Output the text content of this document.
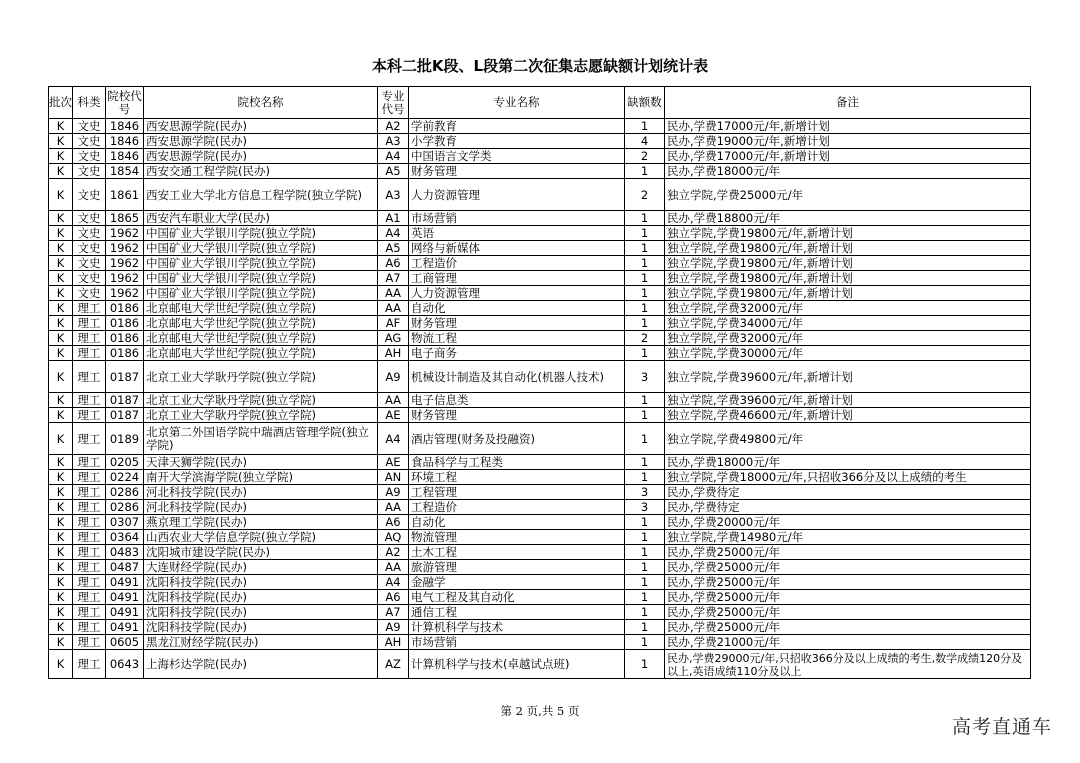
本科二批K段、L段第二次征集志愿缺额计划统计表
批次	科类	院校代号	院校名称	专业代号	专业名称	缺额数	备注
K	文史	1846	西安思源学院(民办)	A2	学前教育	1	民办,学费17000元/年,新增计划
K	文史	1846	西安思源学院(民办)	A3	小学教育	4	民办,学费19000元/年,新增计划
K	文史	1846	西安思源学院(民办)	A4	中国语言文学类	2	民办,学费17000元/年,新增计划
K	文史	1854	西安交通工程学院(民办)	A5	财务管理	1	民办,学费18000元/年
K	文史	1861	西安工业大学北方信息工程学院(独立学院)	A3	人力资源管理	2	独立学院,学费25000元/年
K	文史	1865	西安汽车职业大学(民办)	A1	市场营销	1	民办,学费18800元/年
K	文史	1962	中国矿业大学银川学院(独立学院)	A4	英语	1	独立学院,学费19800元/年,新增计划
K	文史	1962	中国矿业大学银川学院(独立学院)	A5	网络与新媒体	1	独立学院,学费19800元/年,新增计划
K	文史	1962	中国矿业大学银川学院(独立学院)	A6	工程造价	1	独立学院,学费19800元/年,新增计划
K	文史	1962	中国矿业大学银川学院(独立学院)	A7	工商管理	1	独立学院,学费19800元/年,新增计划
K	文史	1962	中国矿业大学银川学院(独立学院)	AA	人力资源管理	1	独立学院,学费19800元/年,新增计划
K	理工	0186	北京邮电大学世纪学院(独立学院)	AA	自动化	1	独立学院,学费32000元/年
K	理工	0186	北京邮电大学世纪学院(独立学院)	AF	财务管理	1	独立学院,学费34000元/年
K	理工	0186	北京邮电大学世纪学院(独立学院)	AG	物流工程	2	独立学院,学费32000元/年
K	理工	0186	北京邮电大学世纪学院(独立学院)	AH	电子商务	1	独立学院,学费30000元/年
K	理工	0187	北京工业大学耿丹学院(独立学院)	A9	机械设计制造及其自动化(机器人技术)	3	独立学院,学费39600元/年,新增计划
K	理工	0187	北京工业大学耿丹学院(独立学院)	AA	电子信息类	1	独立学院,学费39600元/年,新增计划
K	理工	0187	北京工业大学耿丹学院(独立学院)	AE	财务管理	1	独立学院,学费46600元/年,新增计划
K	理工	0189	北京第二外国语学院中瑞酒店管理学院(独立学院)	A4	酒店管理(财务及投融资)	1	独立学院,学费49800元/年
K	理工	0205	天津天狮学院(民办)	AE	食品科学与工程类	1	民办,学费18000元/年
K	理工	0224	南开大学滨海学院(独立学院)	AN	环境工程	1	独立学院,学费18000元/年,只招收366分及以上成绩的考生
K	理工	0286	河北科技学院(民办)	A9	工程管理	3	民办,学费待定
K	理工	0286	河北科技学院(民办)	AA	工程造价	3	民办,学费待定
K	理工	0307	燕京理工学院(民办)	A6	自动化	1	民办,学费20000元/年
K	理工	0364	山西农业大学信息学院(独立学院)	AQ	物流管理	1	独立学院,学费14980元/年
K	理工	0483	沈阳城市建设学院(民办)	A2	土木工程	1	民办,学费25000元/年
K	理工	0487	大连财经学院(民办)	AA	旅游管理	1	民办,学费25000元/年
K	理工	0491	沈阳科技学院(民办)	A4	金融学	1	民办,学费25000元/年
K	理工	0491	沈阳科技学院(民办)	A6	电气工程及其自动化	1	民办,学费25000元/年
K	理工	0491	沈阳科技学院(民办)	A7	通信工程	1	民办,学费25000元/年
K	理工	0491	沈阳科技学院(民办)	A9	计算机科学与技术	1	民办,学费25000元/年
K	理工	0605	黑龙江财经学院(民办)	AH	市场营销	1	民办,学费21000元/年
K	理工	0643	上海杉达学院(民办)	AZ	计算机科学与技术(卓越试点班)	1	民办,学费29000元/年,只招收366分及以上成绩的考生,数学成绩120分及以上,英语成绩110分及以上
第 2 页,共 5 页
高考直通车
